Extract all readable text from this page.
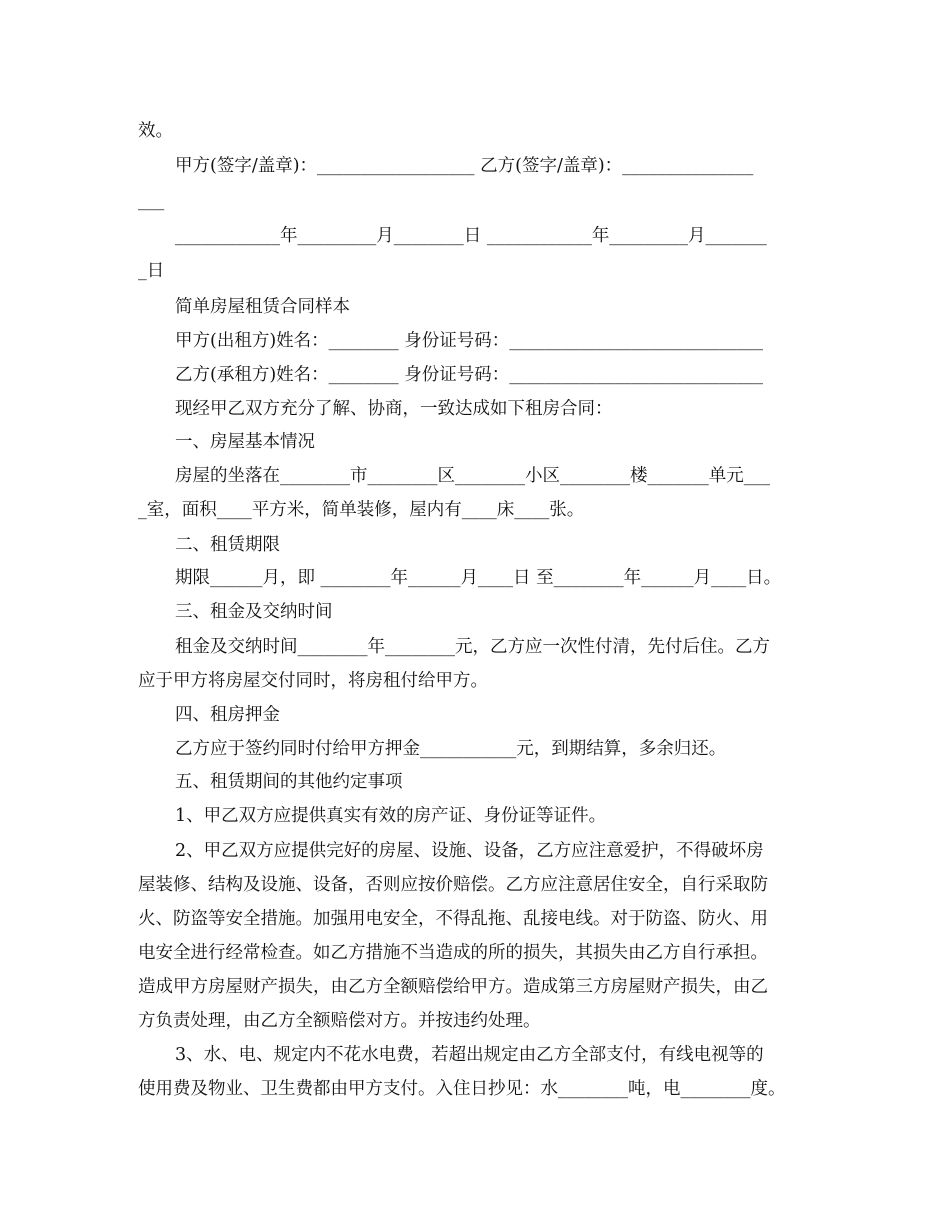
效。
甲方(签字/盖章)：__________________ 乙方(签字/盖章)：_______________
___
____________年_________月________日 ____________年_________月_______
_日
简单房屋租赁合同样本
甲方(出租方)姓名：________ 身份证号码：_____________________________
乙方(承租方)姓名：________ 身份证号码：_____________________________
现经甲乙双方充分了解、协商，一致达成如下租房合同：
一、房屋基本情况
房屋的坐落在________市________区________小区________楼_______单元___
_室，面积____平方米，简单装修，屋内有____床____张。
二、租赁期限
期限______月，即 ________年______月____日 至________年______月____日。
三、租金及交纳时间
租金及交纳时间________年________元，乙方应一次性付清，先付后住。乙方
应于甲方将房屋交付同时，将房租付给甲方。
四、租房押金
乙方应于签约同时付给甲方押金___________元，到期结算，多余归还。
五、租赁期间的其他约定事项
1、甲乙双方应提供真实有效的房产证、身份证等证件。
2、甲乙双方应提供完好的房屋、设施、设备，乙方应注意爱护，不得破坏房
屋装修、结构及设施、设备，否则应按价赔偿。乙方应注意居住安全，自行采取防
火、防盗等安全措施。加强用电安全，不得乱拖、乱接电线。对于防盗、防火、用
电安全进行经常检查。如乙方措施不当造成的所的损失，其损失由乙方自行承担。
造成甲方房屋财产损失，由乙方全额赔偿给甲方。造成第三方房屋财产损失，由乙
方负责处理，由乙方全额赔偿对方。并按违约处理。
3、水、电、规定内不花水电费，若超出规定由乙方全部支付，有线电视等的
使用费及物业、卫生费都由甲方支付。入住日抄见：水________吨，电________度。
